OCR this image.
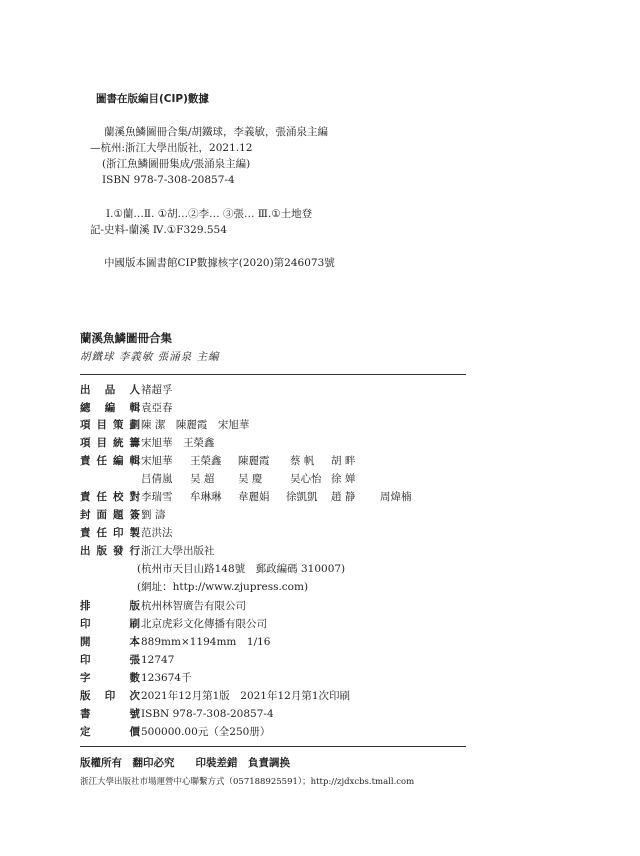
圖書在版編目(CIP)數據
蘭溪魚鱗圖冊合集/胡鐵球，李義敏，張涌泉主編
—杭州:浙江大學出版社，2021.12
(浙江魚鱗圖冊集成/張涌泉主編)
ISBN 978-7-308-20857-4
Ⅰ.①蘭…Ⅱ. ①胡…②李… ③張… Ⅲ.①土地登
記-史料-蘭溪 Ⅳ.①F329.554
中國版本圖書館CIP數據核字(2020)第246073號
蘭溪魚鱗圖冊合集
胡鐵球 李義敏 張涌泉 主編
出 品 人 褚超孚
總 編 輯 袁亞春
項 目 策 劃 陳 潔　陳麗霞　宋旭華
項 目 統 籌 宋旭華　王榮鑫
責 任 編 輯 宋旭華 王榮鑫 陳麗霞 蔡 帆 胡 畔
吕倩嵐 吴 超 吴 慶	吴心怡 徐 婵
責 任 校 對 李瑞雪 牟琳琳 韋麗娟 徐凱凱 趙 静 周煒楠
封 面 題 簽 劉 濤
責 任 印 製 范洪法
出 版 發 行 浙江大學出版社
(杭州市天目山路148號　郵政編碼 310007)
(網址：http://www.zjupress.com)
排	版 杭州林智廣告有限公司
印	刷 北京虎彩文化傳播有限公司
開	本 889mm×1194mm　1/16
印	張 12747
字	數 123674千
版 印 次 2021年12月第1版　2021年12月第1次印刷
書	號 ISBN 978-7-308-20857-4
定	價 500000.00元（全250册）
版權所有　翻印必究　　印裝差錯　負責調换
浙江大學出版社市場運營中心聯繫方式（057188925591）；http://zjdxcbs.tmall.com
